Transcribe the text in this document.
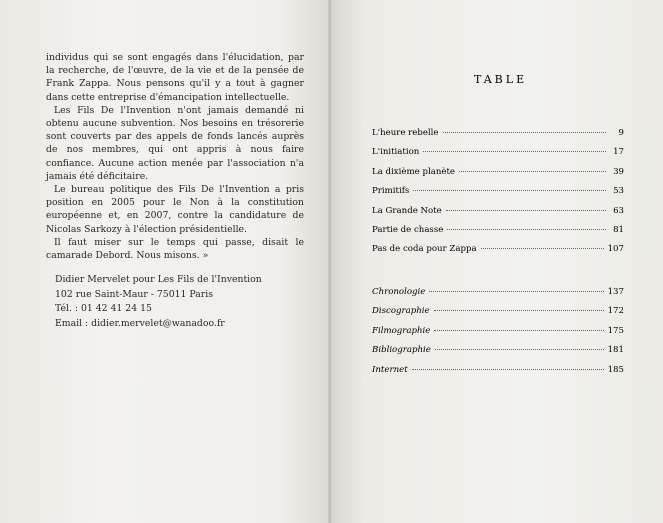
individus qui se sont engagés dans l'élucidation, par la recherche, de l'œuvre, de la vie et de la pensée de Frank Zappa. Nous pensons qu'il y a tout à gagner dans cette entreprise d'émancipation intellectuelle.

Les Fils De l'Invention n'ont jamais demandé ni obtenu aucune subvention. Nos besoins en trésorerie sont couverts par des appels de fonds lancés auprès de nos membres, qui ont appris à nous faire confiance. Aucune action menée par l'association n'a jamais été déficitaire.

Le bureau politique des Fils De l'Invention a pris position en 2005 pour le Non à la constitution européenne et, en 2007, contre la candidature de Nicolas Sarkozy à l'élection présidentielle.

Il faut miser sur le temps qui passe, disait le camarade Debord. Nous misons. »

Didier Mervelet pour Les Fils de l'Invention
102 rue Saint-Maur - 75011 Paris
Tél. : 01 42 41 24 15
Email : didier.mervelet@wanadoo.fr
TABLE
L'heure rebelle	9
L'initiation	17
La dixième planète	39
Primitifs	53
La Grande Note	63
Partie de chasse	81
Pas de coda pour Zappa	107
Chronologie	137
Discographie	172
Filmographie	175
Bibliographie	181
Internet	185
